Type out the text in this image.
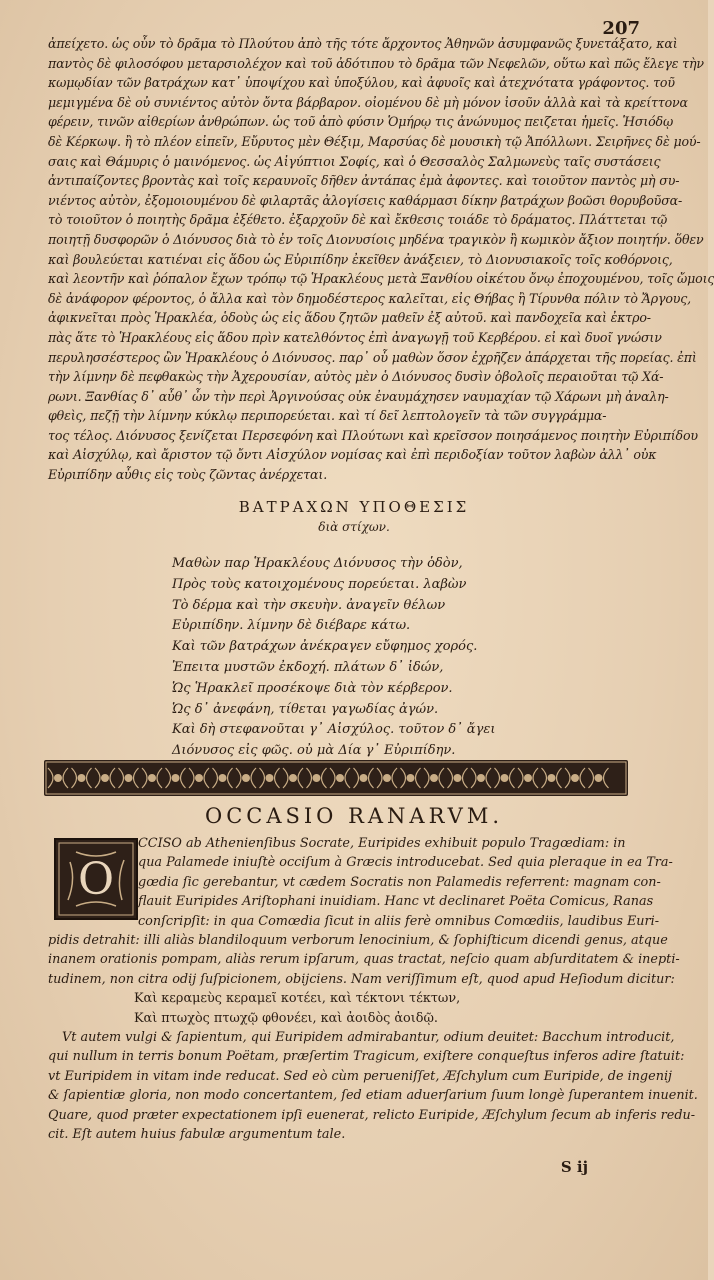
207
ἀπείχετο. ὡς οὖν τὸ δρᾶμα τὸ Πλούτου ἀπὸ τῆς τότε ἄρχοντος Ἀθηνῶν ἀσυμφανῶς ξυνετάξατο, καὶ
παντὸς δὲ φιλοσόφου μεταρσιολέχον καὶ τοῦ ἀδότιπου τὸ δρᾶμα τῶν Νεφελῶν, οὕτω καὶ πῶς ἔλεγε τὴν
κωμῳδίαν τῶν βατράχων κατ᾽ ὑποψίχου καὶ ὑποξύλου, καὶ ἀφυοῖς καὶ ἀτεχνότατα γράφοντος. τοῦ
μεμιγμένα δὲ οὐ συνιέντος αὐτὸν ὄντα βάρβαρον. οἰομένου δὲ μὴ μόνον ἰσοῦν ἀλλὰ καὶ τὰ κρείττονα
φέρειν, τινῶν αἰθερίων ἀνθρώπων. ὡς τοῦ ἀπὸ φύσιν Ὁμήρῳ τις ἀνώνυμος πειζεται ἡμεῖς. Ἡσιόδῳ
δὲ Κέρκωψ. ἢ τὸ πλέον εἰπεῖν, Εὔρυτος μὲν Θέξιμ, Μαρσύας δὲ μουσικὴ τῷ Ἀπόλλωνι. Σειρῆνες δὲ μού-
σαις καὶ Θάμυρις ὁ μαινόμενος. ὡς Αἰγύπτιοι Σοφίς, καὶ ὁ Θεσσαλὸς Σαλμωνεὺς ταῖς συστάσεις
ἀντιπαίζοντες βροντὰς καὶ τοῖς κεραυνοῖς δῆθεν ἀντάπας ἐμὰ ἀφοντες. καὶ τοιοῦτον παντὸς μὴ συ-
νιέντος αὐτὸν, ἐξομοιουμένου δὲ φιλαρτᾶς ἀλογίσεις καθάρμασι δίκην βατράχων βοῶσι θορυβοῦσα-
τὸ τοιοῦτον ὁ ποιητὴς δρᾶμα ἐξέθετο. ἐξαρχοῦν δὲ καὶ ἔκθεσις τοιάδε τὸ δράματος. Πλάττεται τῷ
ποιητῇ δυσφορῶν ὁ Διόνυσος διὰ τὸ ἐν τοῖς Διονυσίοις μηδένα τραγικὸν ἢ κωμικὸν ἄξιον ποιητήν. ὅθεν
καὶ βουλεύεται κατιέναι εἰς ἅδου ὡς Εὐριπίδην ἐκεῖθεν ἀνάξειεν, τὸ Διονυσιακοῖς τοῖς κοθόρνοις,
καὶ λεοντῆν καὶ ῥόπαλον ἔχων τρόπῳ τῷ Ἡρακλέους μετὰ Ξανθίου οἰκέτου ὄνῳ ἐποχουμένου, τοῖς ὤμοις
δὲ ἀνάφορον φέροντος, ὁ ἄλλα καὶ τὸν δημοδέστερος καλεῖται, εἰς Θήβας ἢ Τίρυνθα πόλιν τὸ Ἄργους,
ἀφικνεῖται πρὸς Ἡρακλέα, ὁδοὺς ὡς εἰς ἅδου ζητῶν μαθεῖν ἐξ αὐτοῦ. καὶ πανδοχεῖα καὶ ἐκτρο-
πὰς ἅτε τὸ Ἡρακλέους εἰς ἅδου πρὶν κατελθόντος ἐπὶ ἀναγωγῇ τοῦ Κερβέρου. εἰ καὶ δυοῖ γνώσιν
περυλησσέστερος ὢν Ἡρακλέους ὁ Διόνυσος. παρ᾽ οὗ μαθὼν ὅσον ἐχρῆζεν ἀπάρχεται τῆς πορείας. ἐπὶ
τὴν λίμνην δὲ πεφθακὼς τὴν Ἀχερουσίαν, αὐτὸς μὲν ὁ Διόνυσος δυσὶν ὀβολοῖς περαιοῦται τῷ Χά-
ρωνι. Ξανθίας δ᾽ αὖθ᾽ ὦν τὴν περὶ Ἀργινούσας οὐκ ἐναυμάχησεν ναυμαχίαν τῷ Χάρωνι μὴ ἀναλη-
φθεὶς, πεζῇ τὴν λίμνην κύκλῳ περιπορεύεται. καὶ τί δεῖ λεπτολογεῖν τὰ τῶν συγγράμμα-
τος τέλος. Διόνυσος ξενίζεται Περσεφόνη καὶ Πλούτωνι καὶ κρεῖσσον ποιησάμενος ποιητὴν Εὐριπίδου
καὶ Αἰσχύλῳ, καὶ ἄριστον τῷ ὄντι Αἰσχύλον νομίσας καὶ ἐπὶ περιδοξίαν τοῦτον λαβὼν ἀλλ᾽ οὐκ
Εὐριπίδην αὖθις εἰς τοὺς ζῶντας ἀνέρχεται.
ΒΑΤΡΑΧΩΝ ΥΠΟΘΕΣΙΣ
διὰ στίχων.
Μαθὼν παρ Ἡρακλέους Διόνυσος τὴν ὁδὸν,
Πρὸς τοὺς κατοιχομένους πορεύεται. λαβὼν
Τὸ δέρμα καὶ τὴν σκευὴν. ἀναγεῖν θέλων
Εὐριπίδην. λίμνην δὲ διέβαρε κάτω.
Καὶ τῶν βατράχων ἀνέκραγεν εὔφημος χορός.
Ἐπειτα μυστῶν ἐκδοχή. πλάτων δ᾽ ἰδών,
Ὡς Ἡρακλεῖ προσέκοψε διὰ τὸν κέρβερον.
Ὡς δ᾽ ἀνεφάνη, τίθεται γαγωδίας ἀγών.
Καὶ δὴ στεφανοῦται γ᾽ Αἰσχύλος. τοῦτον δ᾽ ἄγει
Διόνυσος εἰς φῶς. οὐ μὰ Δία γ᾽ Εὐριπίδην.
OCCASIO RANARVM.
O
CCISO ab Athenienſibus Socrate, Euripides exhibuit populo Tragœdiam: in
qua Palamede iniuſtè occiſum à Græcis introducebat. Sed quia pleraque in ea Tra-
gœdia ſic gerebantur, vt cædem Socratis non Palamedis referrent: magnam con-
flauit Euripides Ariſtophani inuidiam. Hanc vt declinaret Poëta Comicus, Ranas
conſcripſit: in qua Comœdia ſicut in aliis ferè omnibus Comœdiis, laudibus Euri-
pidis detrahit: illi aliàs blandiloquum verborum lenocinium, & ſophiſticum dicendi genus, atque
inanem orationis pompam, aliàs rerum ipſarum, quas tractat, neſcio quam abſurditatem & inepti-
tudinem, non citra odij ſuſpicionem, obijciens. Nam veriſſimum eſt, quod apud Heſiodum dicitur:
Καὶ κεραμεὺς κεραμεῖ κοτέει, καὶ τέκτονι τέκτων,
Καὶ πτωχὸς πτωχῷ φθονέει, καὶ ἀοιδὸς ἀοιδῷ.
Vt autem vulgi & ſapientum, qui Euripidem admirabantur, odium deuitet: Bacchum introducit,
qui nullum in terris bonum Poëtam, præſertim Tragicum, exiſtere conqueſtus inferos adire ſtatuit:
vt Euripidem in vitam inde reducat. Sed eò cùm perueniſſet, Æſchylum cum Euripide, de ingenij
& ſapientiæ gloria, non modo concertantem, ſed etiam aduerſarium ſuum longè ſuperantem inuenit.
Quare, quod præter expectationem ipſi euenerat, relicto Euripide, Æſchylum ſecum ab inferis redu-
cit. Eſt autem huius fabulæ argumentum tale.
S ij
